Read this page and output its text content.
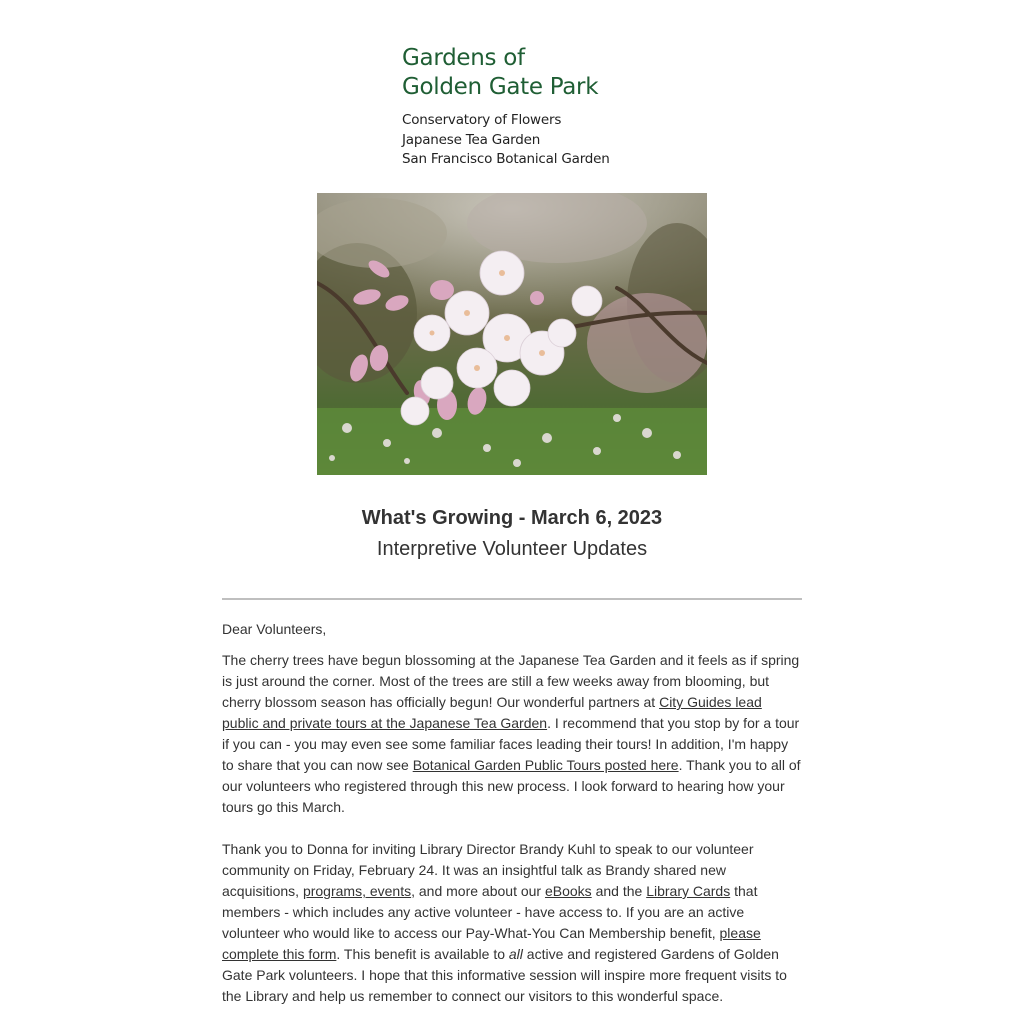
Gardens of
Golden Gate Park
Conservatory of Flowers
Japanese Tea Garden
San Francisco Botanical Garden
What's Growing - March 6, 2023
Interpretive Volunteer Updates

Dear Volunteers,

The cherry trees have begun blossoming at the Japanese Tea Garden and it feels as if spring is just around the corner. Most of the trees are still a few weeks away from blooming, but cherry blossom season has officially begun! Our wonderful partners at City Guides lead public and private tours at the Japanese Tea Garden. I recommend that you stop by for a tour if you can - you may even see some familiar faces leading their tours! In addition, I'm happy to share that you can now see Botanical Garden Public Tours posted here. Thank you to all of our volunteers who registered through this new process. I look forward to hearing how your tours go this March.

Thank you to Donna for inviting Library Director Brandy Kuhl to speak to our volunteer community on Friday, February 24. It was an insightful talk as Brandy shared new acquisitions, programs, events, and more about our eBooks and the Library Cards that members - which includes any active volunteer - have access to. If you are an active volunteer who would like to access our Pay-What-You Can Membership benefit, please complete this form. This benefit is available to all active and registered Gardens of Golden Gate Park volunteers. I hope that this informative session will inspire more frequent visits to the Library and help us remember to connect our visitors to this wonderful space.
